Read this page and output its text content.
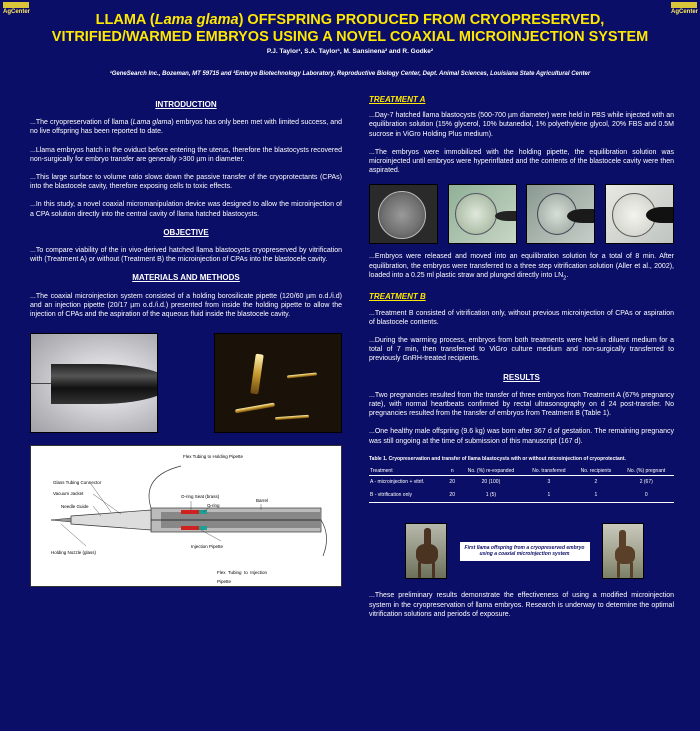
AgCenter	AgCenter
LLAMA (Lama glama) OFFSPRING PRODUCED FROM CRYOPRESERVED, VITRIFIED/WARMED EMBRYOS USING A NOVEL COAXIAL MICROINJECTION SYSTEM
P.J. Taylor¹, S.A. Taylor¹, M. Sansinena² and R. Godke²
¹GeneSearch Inc., Bozeman, MT 59715 and ²Embryo Biotechnology Laboratory, Reproductive Biology Center, Dept. Animal Sciences, Louisiana State Agricultural Center
INTRODUCTION

...The cryopreservation of llama (Lama glama) embryos has only been met with limited success, and no live offspring has been reported to date.

...Llama embryos hatch in the oviduct before entering the uterus, therefore the blastocysts recovered non-surgically for embryo transfer are generally >300 µm in diameter.

...This large surface to volume ratio slows down the passive transfer of the cryoprotectants (CPAs) into the blastocele cavity, therefore exposing cells to toxic effects.

...In this study, a novel coaxial micromanipulation device was designed to allow the microinjection of a CPA solution directly into the central cavity of llama hatched blastocysts.

OBJECTIVE

...To compare viability of the in vivo-derived hatched llama blastocysts cryopreserved by vitrification with (Treatment A) or without (Treatment B) the microinjection of CPAs into the blastocele cavity.

MATERIALS AND METHODS

...The coaxial microinjection system consisted of a holding borosilicate pipette (120/60 µm o.d./i.d) and an injection pipette (20/17 µm o.d./i.d.) presented from inside the holding pipette to allow the injection of CPAs and the aspiration of the aqueous fluid inside the blastocele cavity.

Flex Tubing to Holding Pipette
Glass Tubing Connector
O-ring Seat (brass)
Vacuum Jacket
O-ring
Barrel
Needle Guide
Injection Pipette
Holding Nozzle (glass)
Flex Tubing to Injection Pipette
TREATMENT A

...Day-7 hatched llama blastocysts (500-700 µm diameter) were held in PBS while injected with an equilibration solution (15% glycerol, 10% butanediol, 1% polyethylene glycol, 20% FBS and 0.5M sucrose in ViGro Holding Plus medium).

...The embryos were immobilized with the holding pipette, the equilibration solution was microinjected until embryos were hyperinflated and the contents of the blastocele cavity were then aspirated.

...Embryos were released and moved into an equilibration solution for a total of 8 min. After equilibration, the embryos were transferred to a three step vitrification solution (Aller et al., 2002), loaded into a 0.25 ml plastic straw and plunged directly into $LN_2$.

TREATMENT B

...Treatment B consisted of vitrification only, without previous microinjection of CPAs or aspiration of blastocele contents.

...During the warming process, embryos from both treatments were held in diluent medium for a total of 7 min, then transferred to ViGro culture medium and non-surgically transferred to previously GnRH-treated recipients.

RESULTS

...Two pregnancies resulted from the transfer of three embryos from Treatment A (67% pregnancy rate), with normal heartbeats confirmed by rectal ultrasonography on d 24 post-transfer. No pregnancies resulted from the transfer of embryos from Treatment B (Table 1).

...One healthy male offspring (9.6 kg) was born after 367 d of gestation. The remaining pregnancy was still ongoing at the time of submission of this manuscript (167 d).

Table 1. Cryopreservation and transfer of llama blastocysts with or without microinjection of cryoprotectant.
Treatment	n	No. (%) re-expanded	No. transferred	No. recipients	No. (%) pregnant
A - microinjection + vitrif.	20	20 (100)	3	2	2 (67)
B - vitrification only	20	1 (5)	1	1	0
First llama offspring from a cryopreserved embryo using a coaxial microinjection system

...These preliminary results demonstrate the effectiveness of using a modified microinjection system in the cryopreservation of llama embryos. Research is underway to determine the optimal vitrification solutions and periods of exposure.
